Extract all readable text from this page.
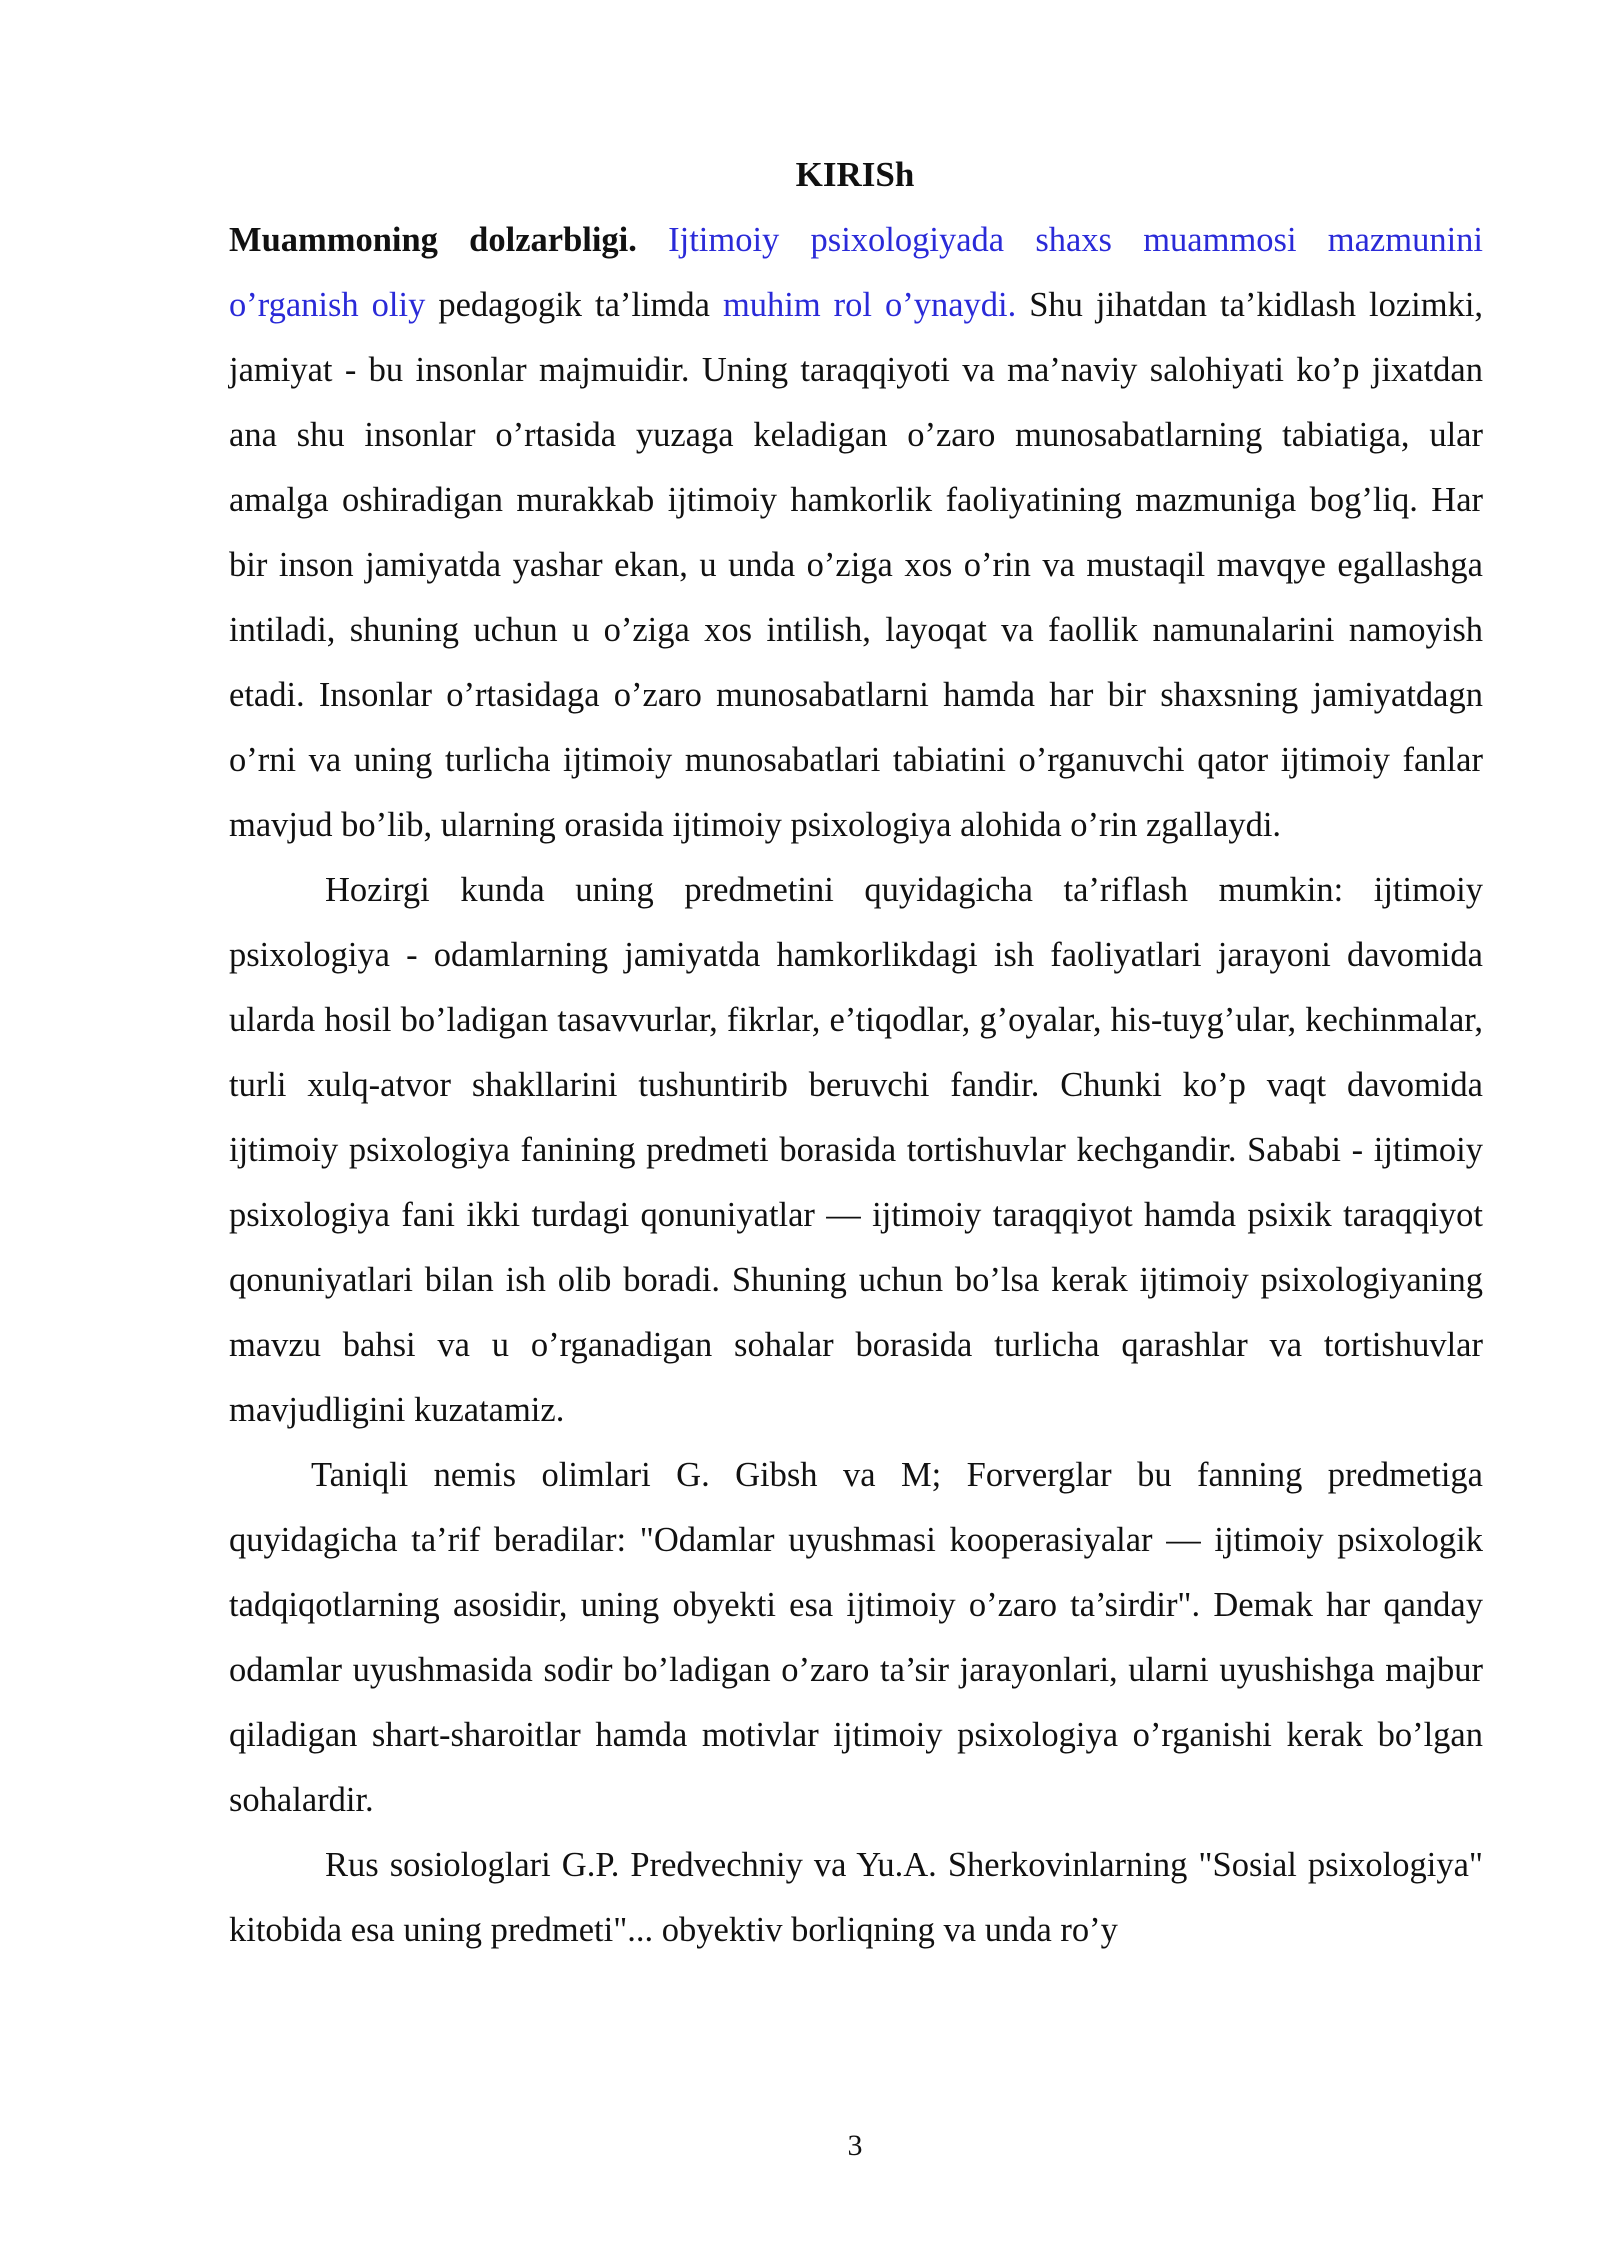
KIRISh

Muammoning dolzarbligi. Ijtimoiy psixologiyada shaxs muammosi mazmunini o’rganish oliy pedagogik ta’limda muhim rol o’ynaydi. Shu jihatdan ta’kidlash lozimki, jamiyat - bu insonlar majmuidir. Uning taraqqiyoti va ma’naviy salohiyati ko’p jixatdan ana shu insonlar o’rtasida yuzaga keladigan o’zaro munosabatlarning tabiatiga, ular amalga oshiradigan murakkab ijtimoiy hamkorlik faoliyatining mazmuniga bog’liq. Har bir inson jamiyatda yashar ekan, u unda o’ziga xos o’rin va mustaqil mavqye egallashga intiladi, shuning uchun u o’ziga xos intilish, layoqat va faollik namunalarini namoyish etadi. Insonlar o’rtasidaga o’zaro munosabatlarni hamda har bir shaxsning jamiyatdagn o’rni va uning turlicha ijtimoiy munosabatlari tabiatini o’rganuvchi qator ijtimoiy fanlar mavjud bo’lib, ularning orasida ijtimoiy psixologiya alohida o’rin zgallaydi.

Hozirgi kunda uning predmetini quyidagicha ta’riflash mumkin: ijtimoiy psixologiya - odamlarning jamiyatda hamkorlikdagi ish faoliyatlari jarayoni davomida ularda hosil bo’ladigan tasavvurlar, fikrlar, e’tiqodlar, g’oyalar, his-tuyg’ular, kechinmalar, turli xulq-atvor shakllarini tushuntirib beruvchi fandir. Chunki ko’p vaqt davomida ijtimoiy psixologiya fanining predmeti borasida tortishuvlar kechgandir. Sababi - ijtimoiy psixologiya fani ikki turdagi qonuniyatlar — ijtimoiy taraqqiyot hamda psixik taraqqiyot qonuniyatlari bilan ish olib boradi. Shuning uchun bo’lsa kerak ijtimoiy psixologiyaning mavzu bahsi va u o’rganadigan sohalar borasida turlicha qarashlar va tortishuvlar mavjudligini kuzatamiz.

Taniqli nemis olimlari G. Gibsh va M; Forverglar bu fanning predmetiga quyidagicha ta’rif beradilar: "Odamlar uyushmasi kooperasiyalar — ijtimoiy psixologik tadqiqotlarning asosidir, uning obyekti esa ijtimoiy o’zaro ta’sirdir". Demak har qanday odamlar uyushmasida sodir bo’ladigan o’zaro ta’sir jarayonlari, ularni uyushishga majbur qiladigan shart-sharoitlar hamda motivlar ijtimoiy psixologiya o’rganishi kerak bo’lgan sohalardir.

Rus sosiologlari G.P. Predvechniy va Yu.A. Sherkovinlarning "Sosial psixologiya" kitobida esa uning predmeti"... obyektiv borliqning va unda ro’y

3
